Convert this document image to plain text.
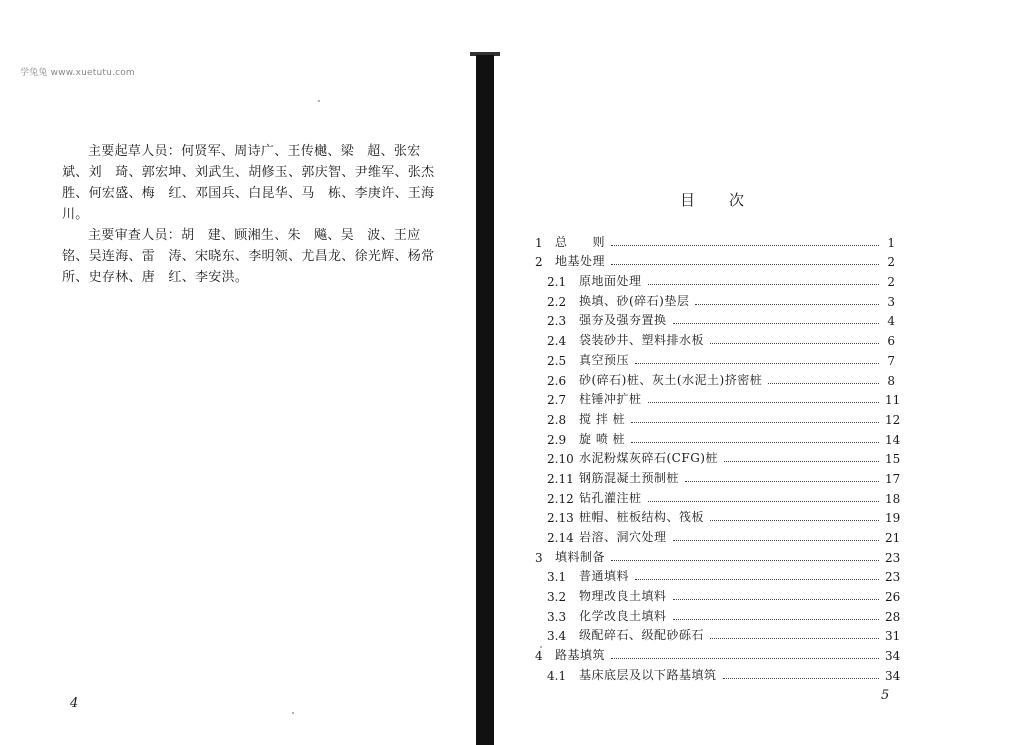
学兔兔 www.xuetutu.com

主要起草人员：何贤军、周诗广、王传樾、梁　超、张宏斌、刘　琦、郭宏坤、刘武生、胡修玉、郭庆智、尹维军、张杰胜、何宏盛、梅　红、邓国兵、白昆华、马　栋、李庚许、王海川。

主要审查人员：胡　建、顾湘生、朱　飚、吴　波、王应铭、吴连海、雷　涛、宋晓东、李明领、尤昌龙、徐光辉、杨常所、史存林、唐　红、李安洪。

4
目次
1	总　　则	1
2	地基处理	2
2.1	原地面处理	2
2.2	换填、砂(碎石)垫层	3
2.3	强夯及强夯置换	4
2.4	袋装砂井、塑料排水板	6
2.5	真空预压	7
2.6	砂(碎石)桩、灰土(水泥土)挤密桩	8
2.7	柱锤冲扩桩	11
2.8	搅 拌 桩	12
2.9	旋 喷 桩	14
2.10 水泥粉煤灰碎石(CFG)桩	15
2.11 钢筋混凝土预制桩	17
2.12 钻孔灌注桩	18
2.13 桩帽、桩板结构、筏板	19
2.14 岩溶、洞穴处理	21
3	填料制备	23
3.1	普通填料	23
3.2	物理改良土填料	26
3.3	化学改良土填料	28
3.4	级配碎石、级配砂砾石	31
4	路基填筑	34
4.1	基床底层及以下路基填筑	34
5
